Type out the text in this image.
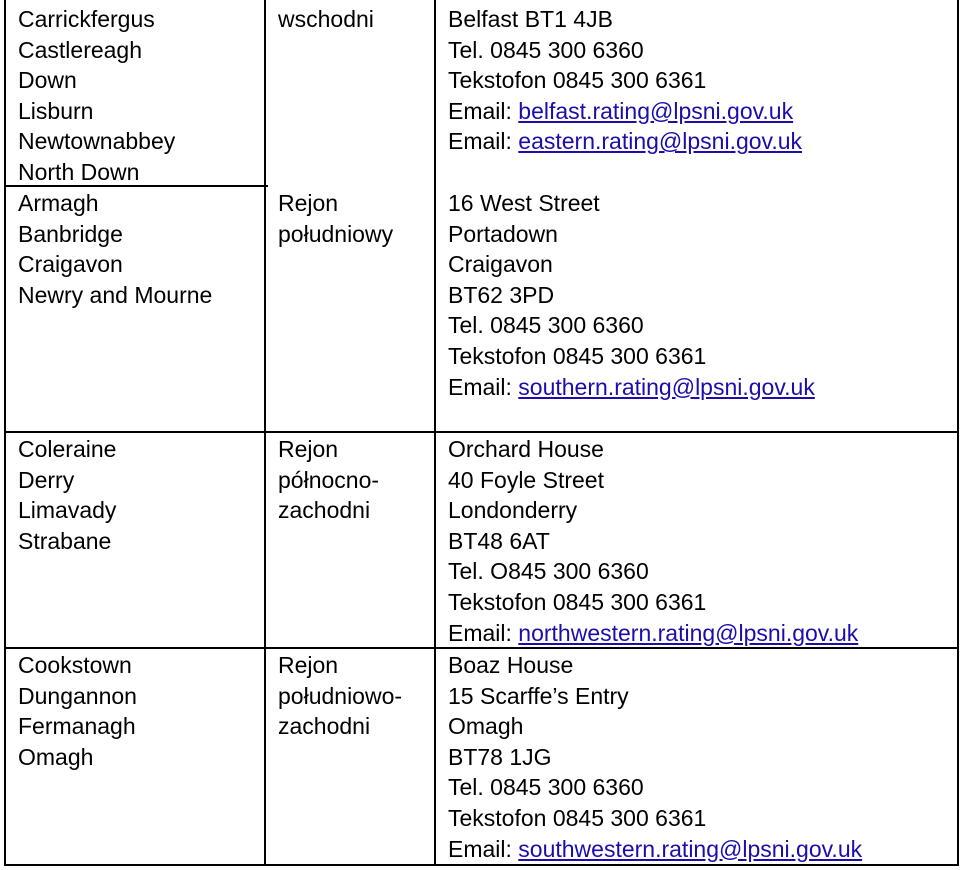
Carrickfergus
Castlereagh
Down
Lisburn
Newtownabbey
North Down
wschodni	Belfast BT1 4JB
Tel. 0845 300 6360
Tekstofon 0845 300 6361
Email: belfast.rating@lpsni.gov.uk
Email: eastern.rating@lpsni.gov.uk
Armagh
Banbridge
Craigavon
Newry and Mourne
Rejon
południowy
16 West Street
Portadown
Craigavon
BT62 3PD
Tel. 0845 300 6360
Tekstofon 0845 300 6361
Email: southern.rating@lpsni.gov.uk
Coleraine
Derry
Limavady
Strabane
Rejon
północno-
zachodni
Orchard House
40 Foyle Street
Londonderry
BT48 6AT
Tel. O845 300 6360
Tekstofon 0845 300 6361
Email: northwestern.rating@lpsni.gov.uk
Cookstown
Dungannon
Fermanagh
Omagh
Rejon
południowo-
zachodni
Boaz House
15 Scarffe’s Entry
Omagh
BT78 1JG
Tel. 0845 300 6360
Tekstofon 0845 300 6361
Email: southwestern.rating@lpsni.gov.uk
